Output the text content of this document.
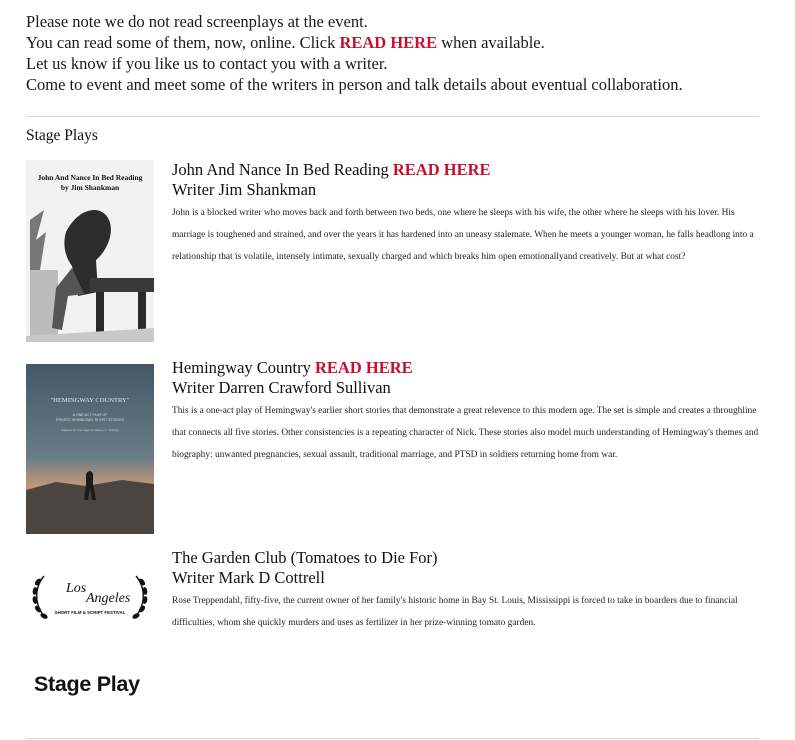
Please note we do not read screenplays at the event.

You can read some of them, now, online. Click READ HERE when available.

Let us know if you like us to contact you with a writer.

Come to event and meet some of the writers in person and talk details about eventual collaboration.

Stage Plays
John And Nance In Bed Reading
by Jim Shankman
John And Nance In Bed Reading READ HERE

Writer Jim Shankman

John is a blocked writer who moves back and forth between two beds, one where he sleeps with his wife, the other where he sleeps with his lover. His marriage is toughened and strained, and over the years it has hardened into an uneasy stalemate. When he meets a younger woman, he falls headlong into a relationship that is volatile, intensely intimate, sexually charged and which breaks him open emotionallyand creatively. But at what cost?

"HEMINGWAY COUNTRY"
A ONE ACT PLAY OF
ERNEST HEMINGWAY SHORT STORIES
Adapted for the stage by Darren C. Sullivan
Hemingway Country READ HERE

Writer Darren Crawford Sullivan

This is a one-act play of Hemingway's earlier short stories that demonstrate a great relevence to this modern age. The set is simple and creates a throughline that connects all five stories. Other consistencies is a repeating character of Nick. These stories also model much understanding of Hemingway's themes and biography: unwanted pregnancies, sexual assault, traditional marriage, and PTSD in soldiers returning home from war.

Los
Angeles
SHORT FILM & SCRIPT FESTIVAL
The Garden Club (Tomatoes to Die For)

Writer Mark D Cottrell

Rose Treppendahl, fifty-five, the current owner of her family's historic home in Bay St. Louis, Mississippi is forced to take in boarders due to financial difficulties, whom she quickly murders and uses as fertilizer in her prize-winning tomato garden.

Stage Play
